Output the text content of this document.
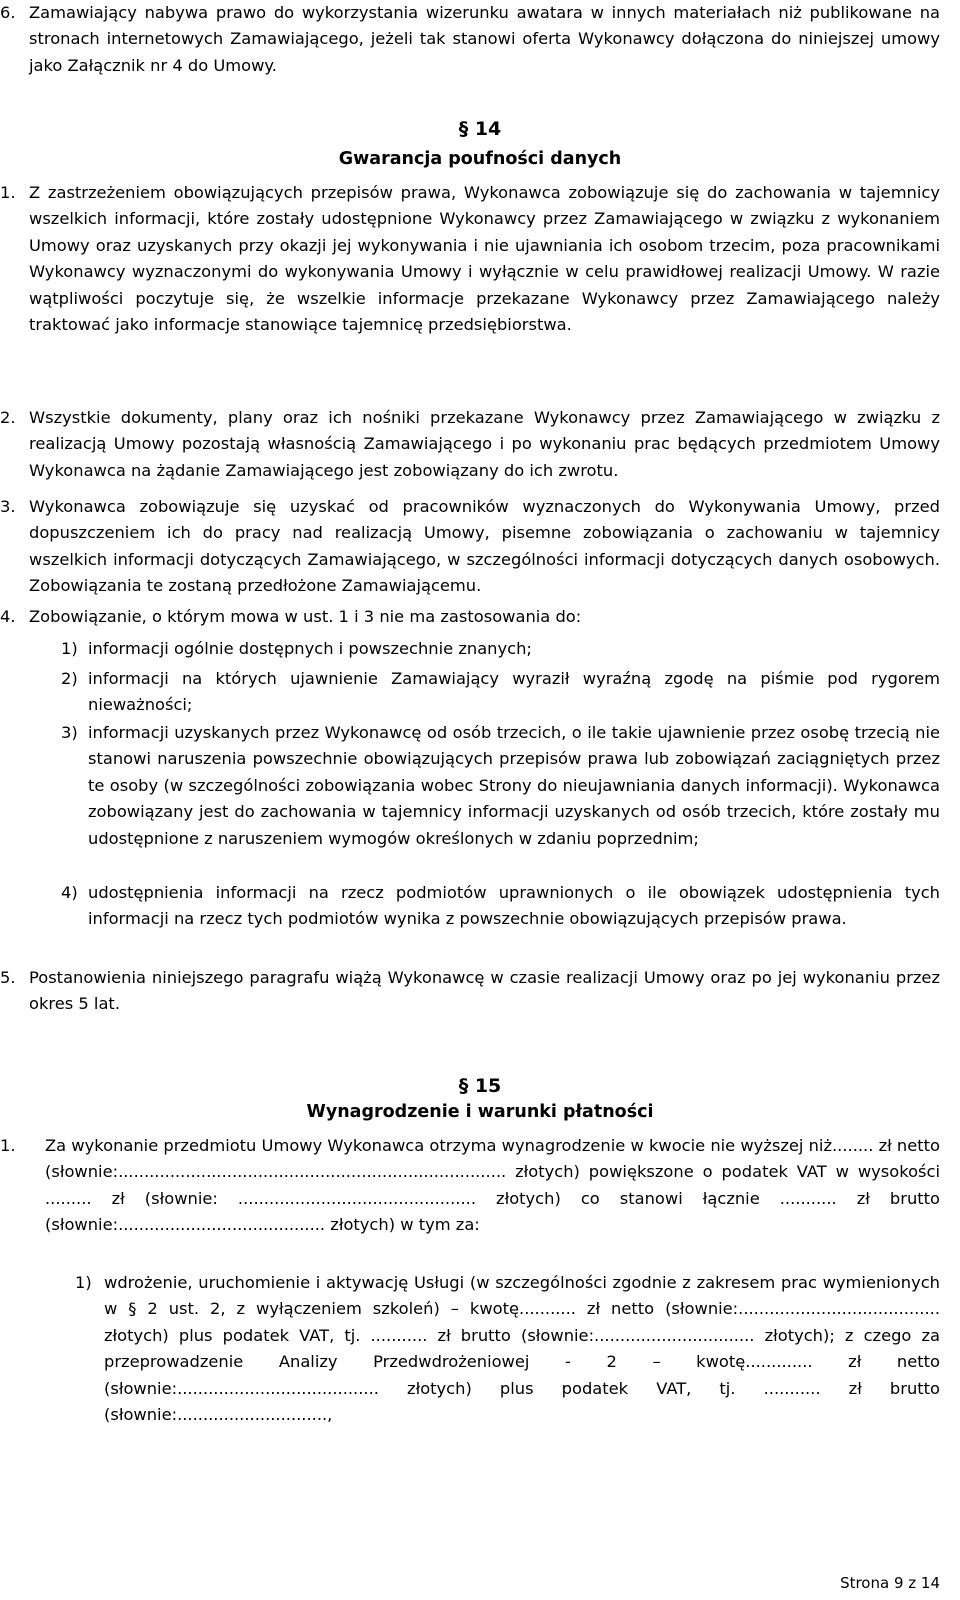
6. Zamawiający nabywa prawo do wykorzystania wizerunku awatara w innych materiałach niż publikowane na stronach internetowych Zamawiającego, jeżeli tak stanowi oferta Wykonawcy dołączona do niniejszej umowy jako Załącznik nr 4 do Umowy.
§ 14
Gwarancja poufności danych
1. Z zastrzeżeniem obowiązujących przepisów prawa, Wykonawca zobowiązuje się do zachowania w tajemnicy wszelkich informacji, które zostały udostępnione Wykonawcy przez Zamawiającego w związku z wykonaniem Umowy oraz uzyskanych przy okazji jej wykonywania i nie ujawniania ich osobom trzecim, poza pracownikami Wykonawcy wyznaczonymi do wykonywania Umowy i wyłącznie w celu prawidłowej realizacji Umowy. W razie wątpliwości poczytuje się, że wszelkie informacje przekazane Wykonawcy przez Zamawiającego należy traktować jako informacje stanowiące tajemnicę przedsiębiorstwa.
2. Wszystkie dokumenty, plany oraz ich nośniki przekazane Wykonawcy przez Zamawiającego w związku z realizacją Umowy pozostają własnością Zamawiającego i po wykonaniu prac będących przedmiotem Umowy Wykonawca na żądanie Zamawiającego jest zobowiązany do ich zwrotu.
3. Wykonawca zobowiązuje się uzyskać od pracowników wyznaczonych do Wykonywania Umowy, przed dopuszczeniem ich do pracy nad realizacją Umowy, pisemne zobowiązania o zachowaniu w tajemnicy wszelkich informacji dotyczących Zamawiającego, w szczególności informacji dotyczących danych osobowych. Zobowiązania te zostaną przedłożone Zamawiającemu.
4. Zobowiązanie, o którym mowa w ust. 1 i 3 nie ma zastosowania do:
1) informacji ogólnie dostępnych i powszechnie znanych;
2) informacji na których ujawnienie Zamawiający wyraził wyraźną zgodę na piśmie pod rygorem nieważności;
3) informacji uzyskanych przez Wykonawcę od osób trzecich, o ile takie ujawnienie przez osobę trzecią nie stanowi naruszenia powszechnie obowiązujących przepisów prawa lub zobowiązań zaciągniętych przez te osoby (w szczególności zobowiązania wobec Strony do nieujawniania danych informacji). Wykonawca zobowiązany jest do zachowania w tajemnicy informacji uzyskanych od osób trzecich, które zostały mu udostępnione z naruszeniem wymogów określonych w zdaniu poprzednim;
4) udostępnienia informacji na rzecz podmiotów uprawnionych o ile obowiązek udostępnienia tych informacji na rzecz tych podmiotów wynika z powszechnie obowiązujących przepisów prawa.
5. Postanowienia niniejszego paragrafu wiążą Wykonawcę w czasie realizacji Umowy oraz po jej wykonaniu przez okres 5 lat.
§ 15
Wynagrodzenie i warunki płatności
1. Za wykonanie przedmiotu Umowy Wykonawca otrzyma wynagrodzenie w kwocie nie wyższej niż........ zł netto (słownie:........................................................................... złotych) powiększone o podatek VAT w wysokości ......... zł (słownie: .............................................. złotych) co stanowi łącznie ........... zł brutto (słownie:........................................ złotych) w tym za:
1) wdrożenie, uruchomienie i aktywację Usługi (w szczególności zgodnie z zakresem prac wymienionych w § 2 ust. 2, z wyłączeniem szkoleń) – kwotę........... zł netto (słownie:....................................... złotych) plus podatek VAT, tj. ........... zł brutto (słownie:............................... złotych); z czego za przeprowadzenie Analizy Przedwdrożeniowej - 2 – kwotę............. zł netto (słownie:....................................... złotych) plus podatek VAT, tj. ........... zł brutto (słownie:.............................,
Strona 9 z 14
